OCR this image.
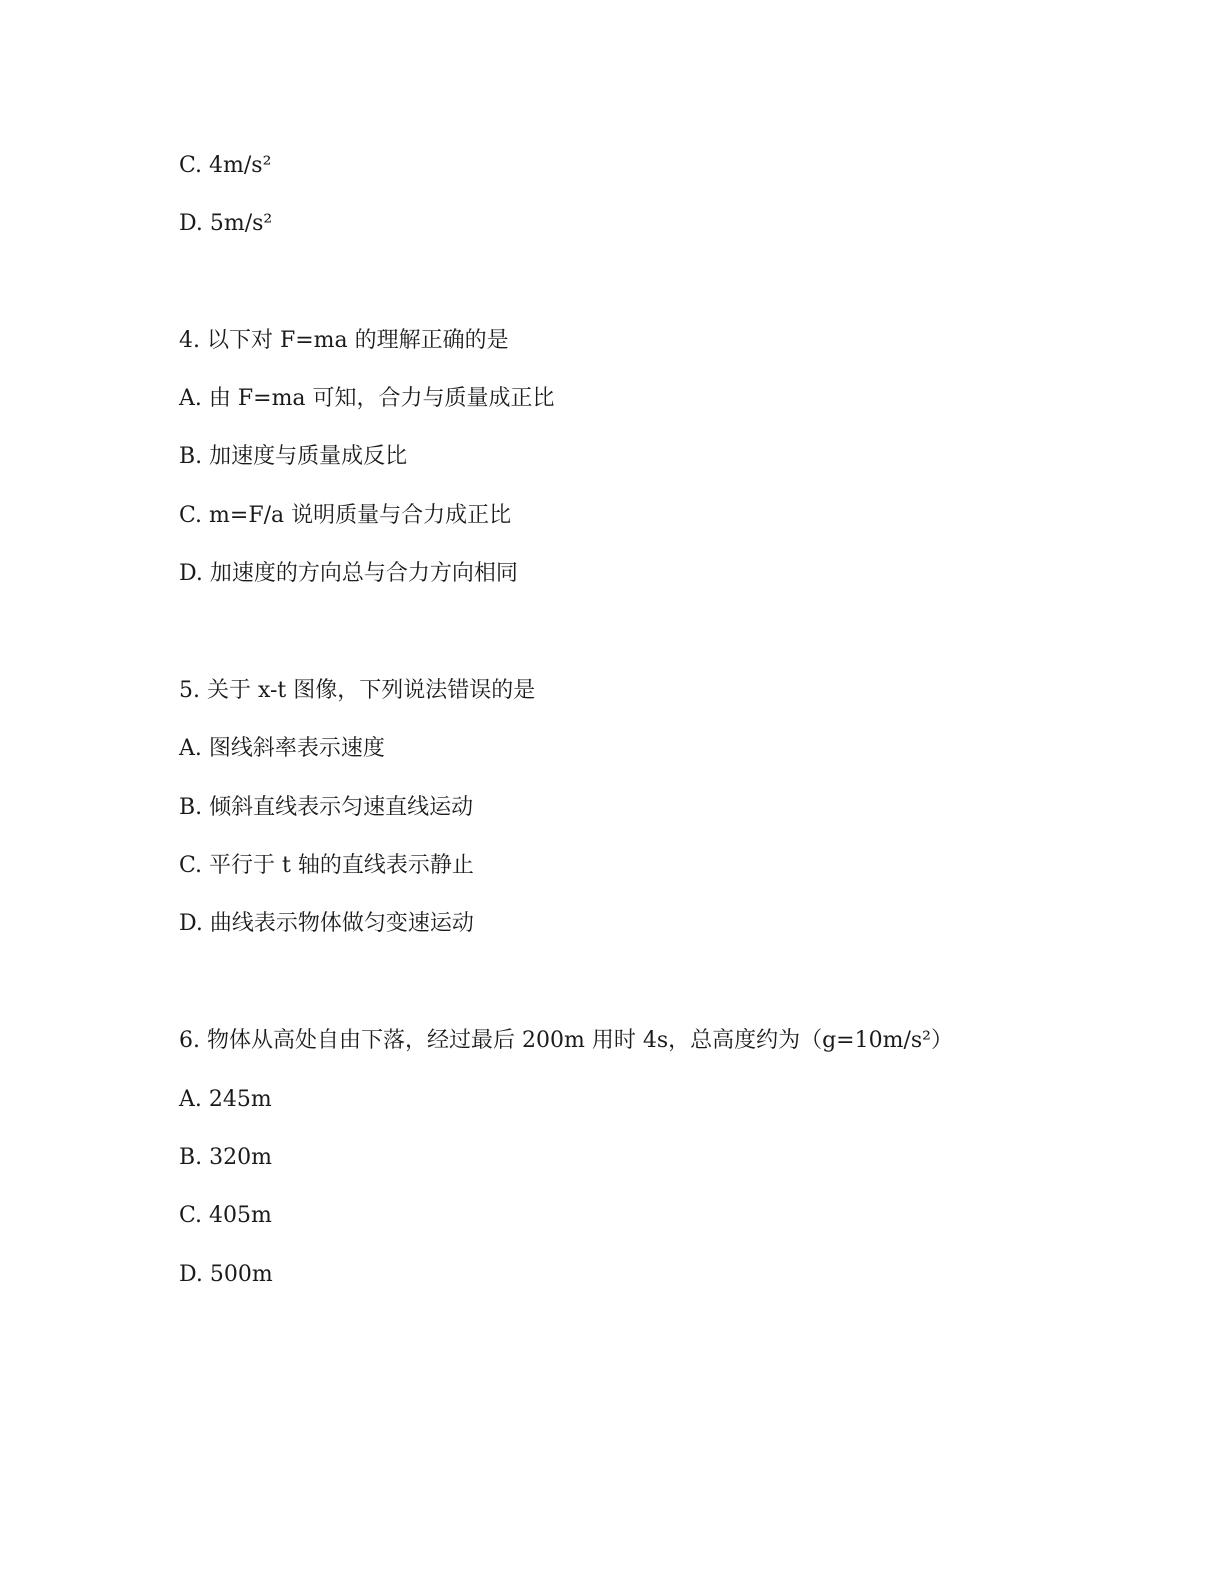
C. 4m/s²
D. 5m/s²
4. 以下对 F=ma 的理解正确的是
A. 由 F=ma 可知，合力与质量成正比
B. 加速度与质量成反比
C. m=F/a 说明质量与合力成正比
D. 加速度的方向总与合力方向相同
5. 关于 x-t 图像，下列说法错误的是
A. 图线斜率表示速度
B. 倾斜直线表示匀速直线运动
C. 平行于 t 轴的直线表示静止
D. 曲线表示物体做匀变速运动
6. 物体从高处自由下落，经过最后 200m 用时 4s，总高度约为（g=10m/s²）
A. 245m
B. 320m
C. 405m
D. 500m
